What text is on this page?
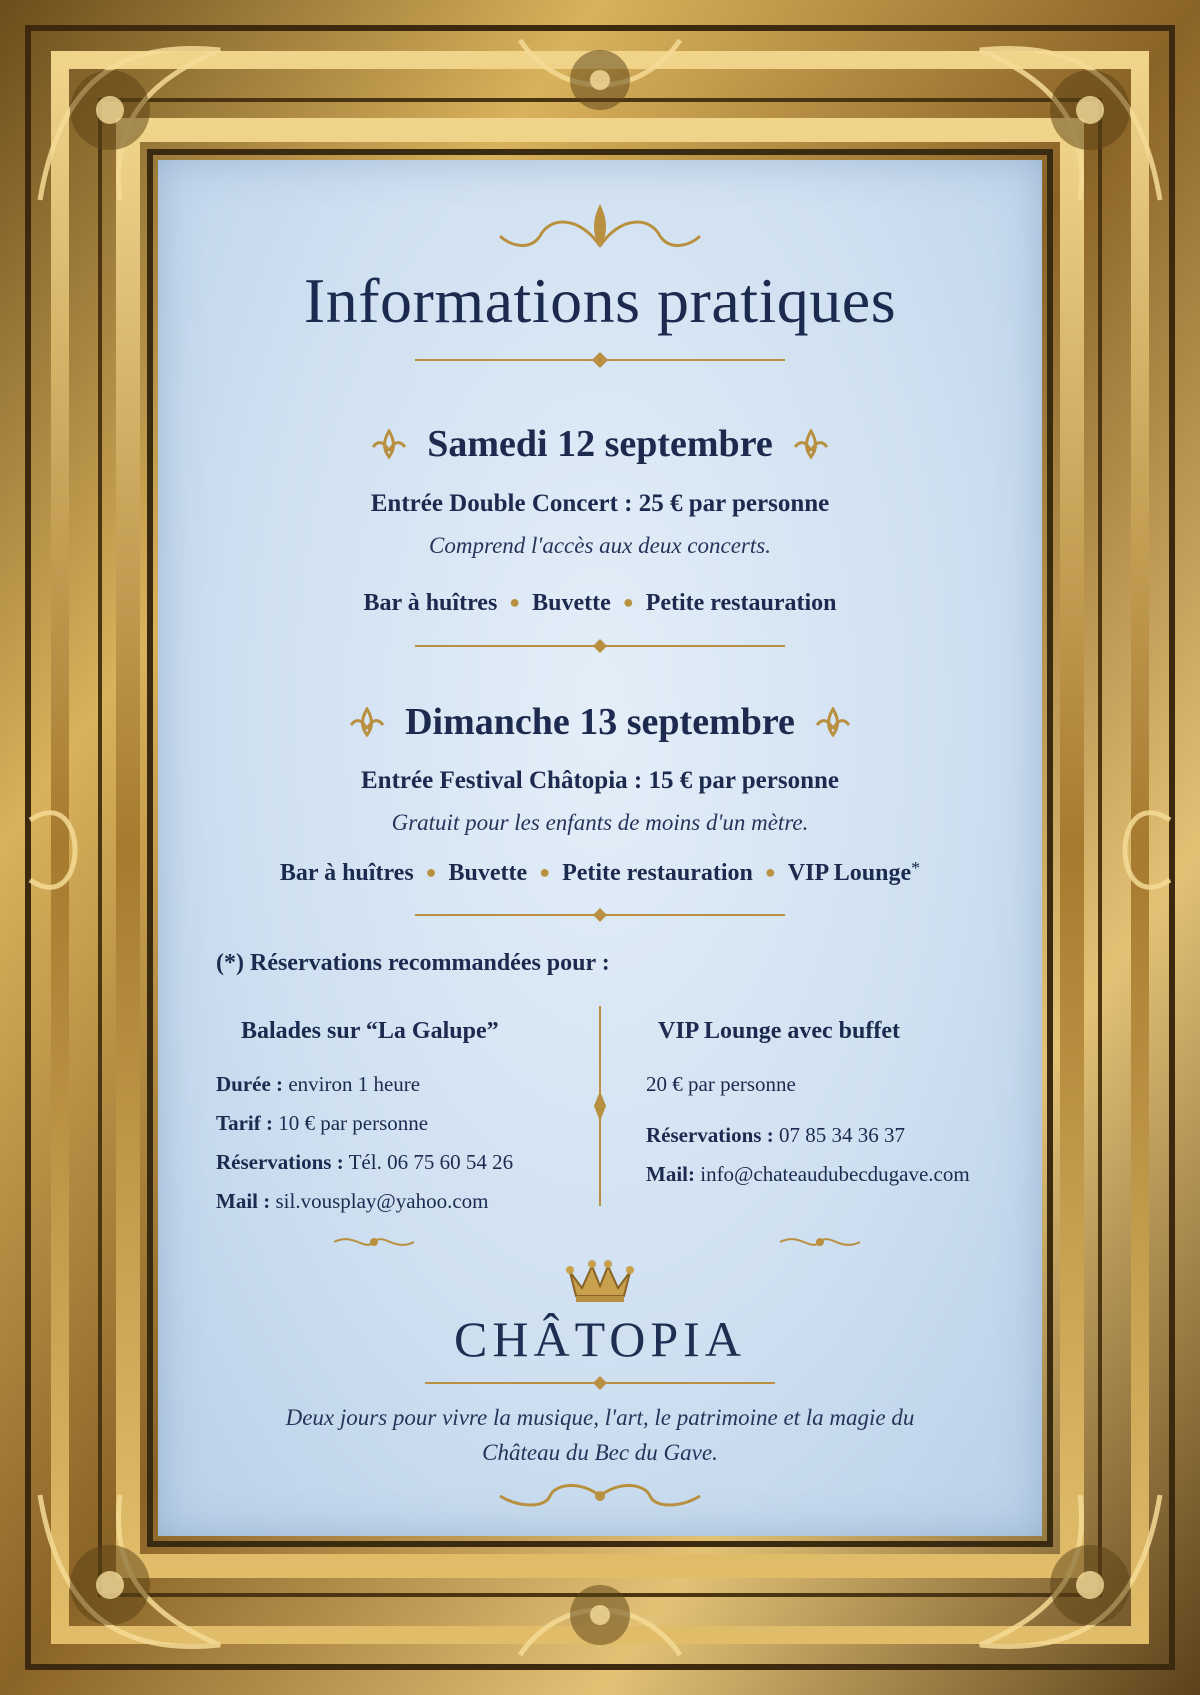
Informations pratiques
Samedi 12 septembre
Entrée Double Concert : 25 € par personne
Comprend l'accès aux deux concerts.
Bar à huîtres ● Buvette ● Petite restauration
Dimanche 13 septembre
Entrée Festival Châtopia : 15 € par personne
Gratuit pour les enfants de moins d'un mètre.
Bar à huîtres ● Buvette ● Petite restauration ● VIP Lounge*
(*) Réservations recommandées pour :
Balades sur “La Galupe”

Durée : environ 1 heure

Tarif : 10 € par personne

Réservations : Tél. 06 75 60 54 26

Mail : sil.vousplay@yahoo.com

VIP Lounge avec buffet

20 € par personne

Réservations : 07 85 34 36 37

Mail: info@chateaudubecdugave.com

CHÂTOPIA
Deux jours pour vivre la musique, l'art, le patrimoine et la magie du
Château du Bec du Gave.
